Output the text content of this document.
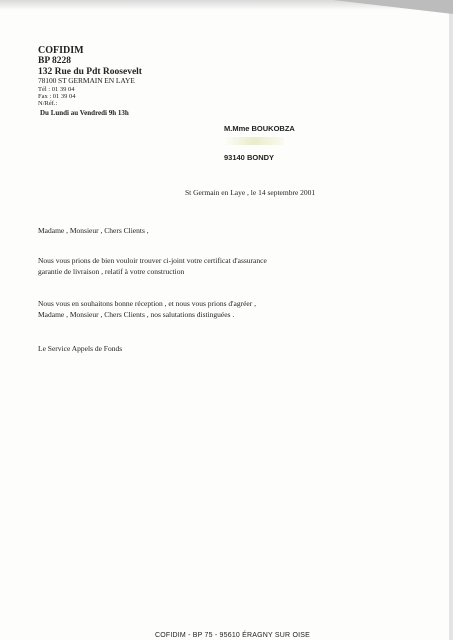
COFIDIM
BP 8228
132 Rue du Pdt Roosevelt
78100 ST GERMAIN EN LAYE
Tél : 01 39 04
Fax : 01 39 04
N/Réf.:
Du Lundi au Vendredi 9h 13h
M.Mme BOUKOBZA
93140 BONDY
St Germain en Laye , le 14 septembre 2001
Madame , Monsieur , Chers Clients ,
Nous vous prions de bien vouloir trouver ci-joint votre certificat d'assurance
garantie de livraison , relatif à votre construction
Nous vous en souhaitons bonne réception , et nous vous prions d'agréer ,
Madame , Monsieur , Chers Clients , nos salutations distinguées .
Le Service Appels de Fonds
COFIDIM - BP 75 - 95610 ÉRAGNY SUR OISE
